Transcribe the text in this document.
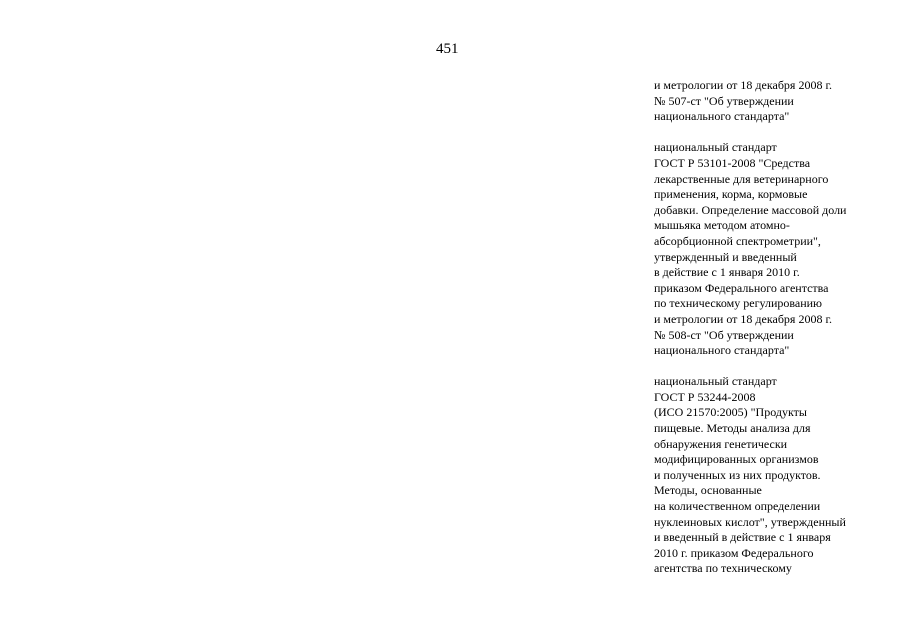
451

и метрологии от 18 декабря 2008 г.
№ 507-ст "Об утверждении
национального стандарта"

национальный стандарт
ГОСТ Р 53101-2008 "Средства
лекарственные для ветеринарного
применения, корма, кормовые
добавки. Определение массовой доли
мышьяка методом атомно-
абсорбционной спектрометрии",
утвержденный и введенный
в действие с 1 января 2010 г.
приказом Федерального агентства
по техническому регулированию
и метрологии от 18 декабря 2008 г.
№ 508-ст "Об утверждении
национального стандарта"

национальный стандарт
ГОСТ Р 53244-2008
(ИСО 21570:2005) "Продукты
пищевые. Методы анализа для
обнаружения генетически
модифицированных организмов
и полученных из них продуктов.
Методы, основанные
на количественном определении
нуклеиновых кислот", утвержденный
и введенный в действие с 1 января
2010 г. приказом Федерального
агентства по техническому
